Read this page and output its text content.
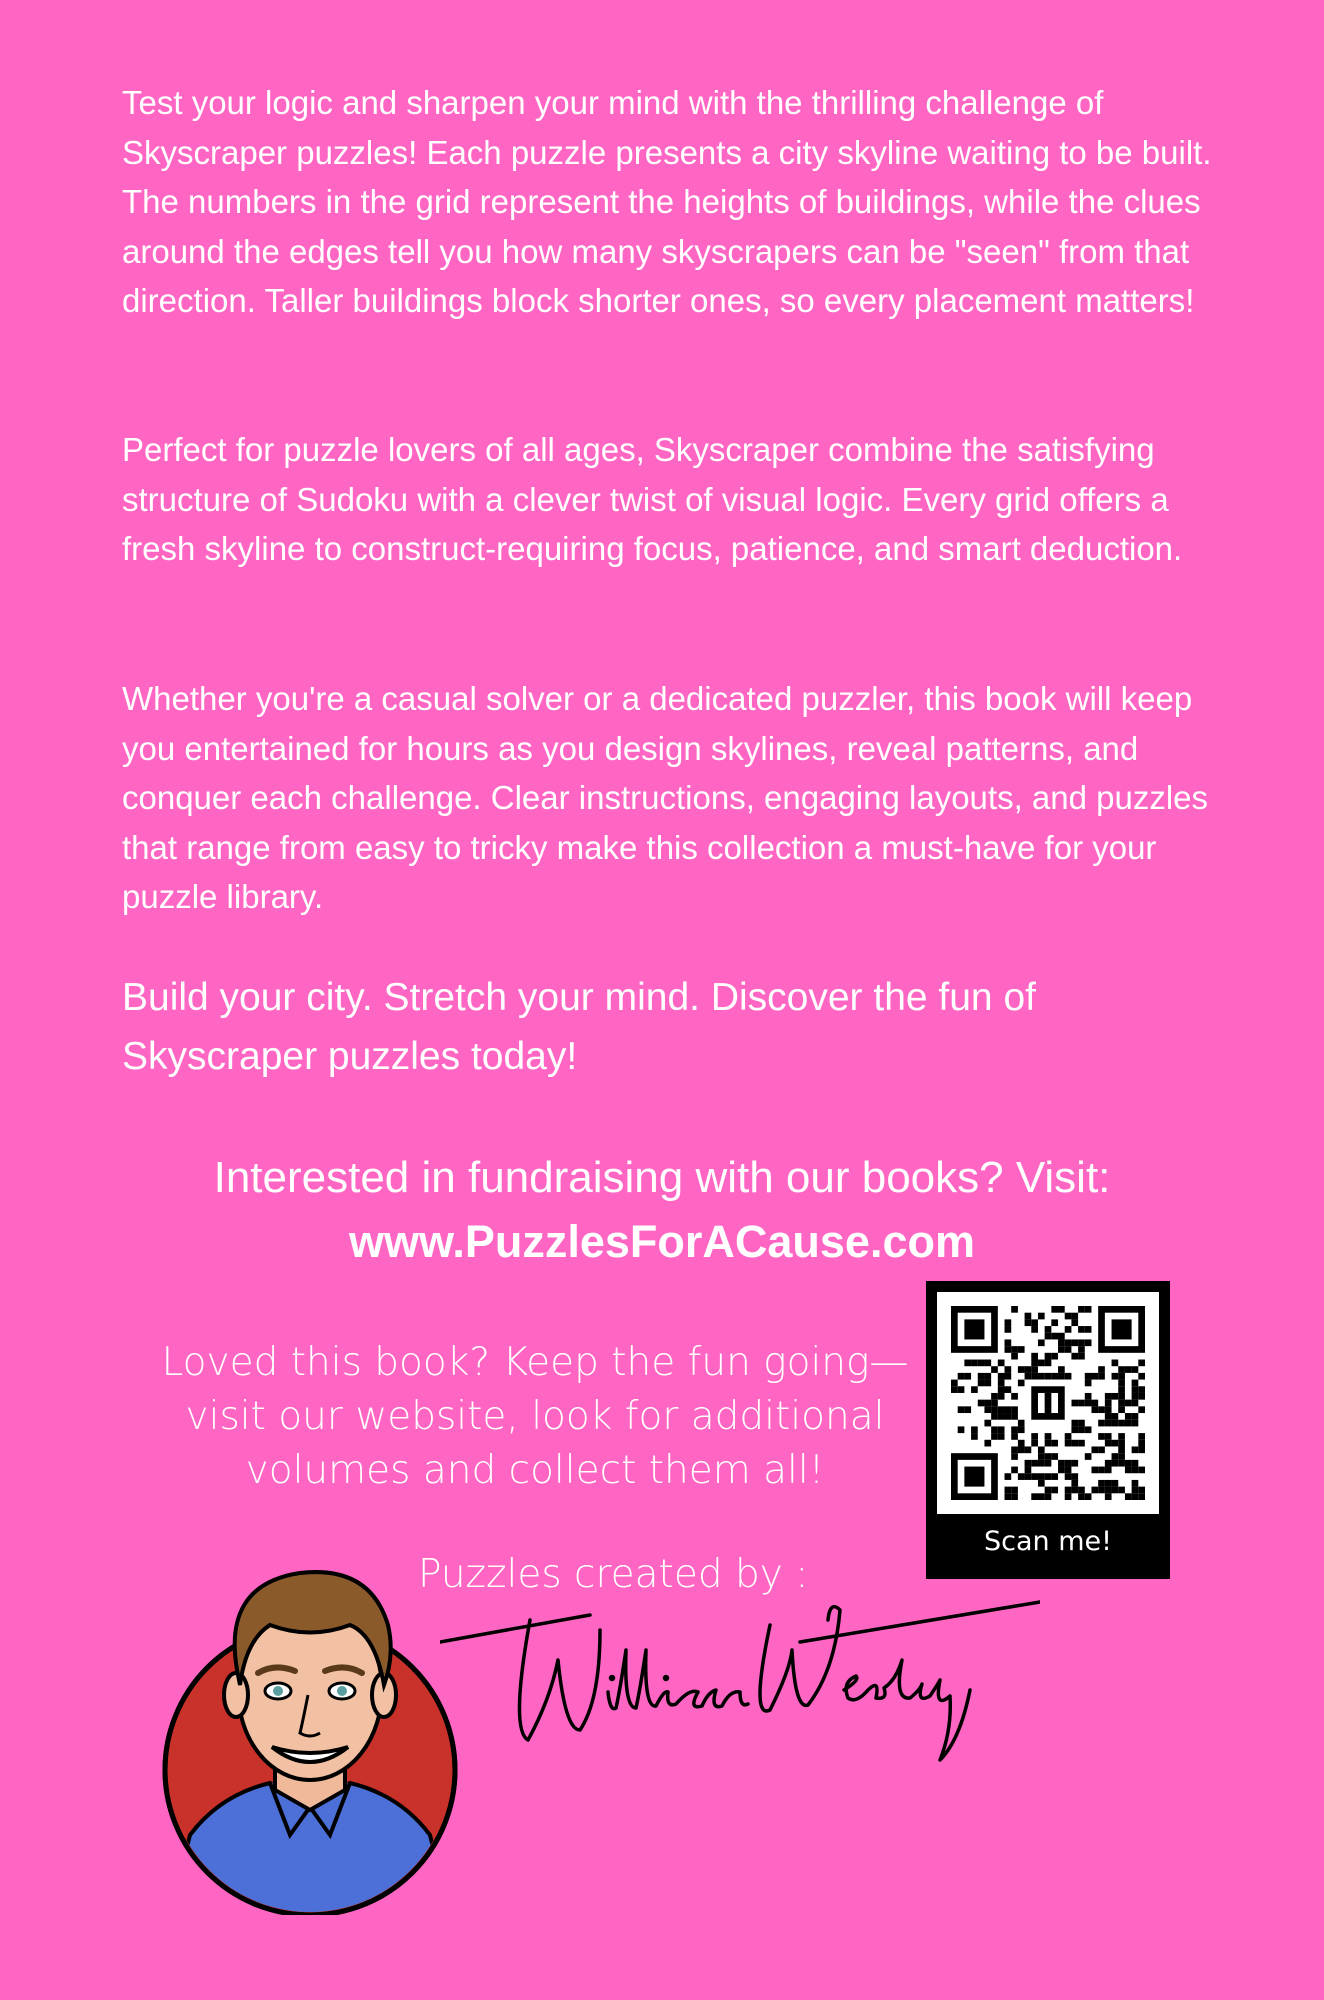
Test your logic and sharpen your mind with the thrilling challenge of Skyscraper puzzles! Each puzzle presents a city skyline waiting to be built. The numbers in the grid represent the heights of buildings, while the clues around the edges tell you how many skyscrapers can be "seen" from that direction. Taller buildings block shorter ones, so every placement matters!

Perfect for puzzle lovers of all ages, Skyscraper combine the satisfying structure of Sudoku with a clever twist of visual logic. Every grid offers a fresh skyline to construct-requiring focus, patience, and smart deduction.

Whether you're a casual solver or a dedicated puzzler, this book will keep you entertained for hours as you design skylines, reveal patterns, and conquer each challenge. Clear instructions, engaging layouts, and puzzles that range from easy to tricky make this collection a must-have for your puzzle library.

Build your city. Stretch your mind. Discover the fun of Skyscraper puzzles today!

Interested in fundraising with our books? Visit:
www.PuzzlesForACause.com
Loved this book? Keep the fun going—visit our website, look for additional volumes and collect them all!
Scan me!
Puzzles created by :
